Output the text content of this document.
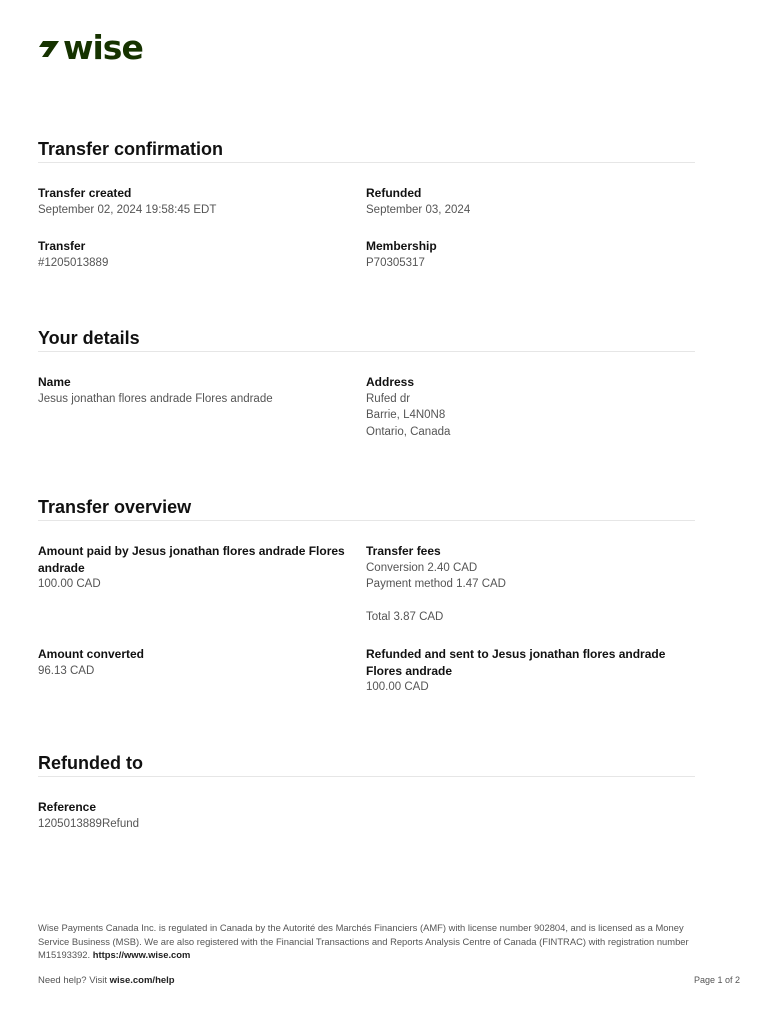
wise
Transfer confirmation
Transfer created
September 02, 2024 19:58:45 EDT
Refunded
September 03, 2024
Transfer
#1205013889
Membership
P70305317
Your details
Name
Jesus jonathan flores andrade Flores andrade
Address
Rufed dr
Barrie, L4N0N8
Ontario, Canada
Transfer overview
Amount paid by Jesus jonathan flores andrade Flores andrade
100.00 CAD
Transfer fees
Conversion 2.40 CAD
Payment method 1.47 CAD
Total 3.87 CAD
Amount converted
96.13 CAD
Refunded and sent to Jesus jonathan flores andrade Flores andrade
100.00 CAD
Refunded to
Reference
1205013889Refund
Wise Payments Canada Inc. is regulated in Canada by the Autorité des Marchés Financiers (AMF) with license number 902804, and is licensed as a Money Service Business (MSB). We are also registered with the Financial Transactions and Reports Analysis Centre of Canada (FINTRAC) with registration number M15193392. https://www.wise.com
Need help? Visit wise.com/help	Page 1 of 2
